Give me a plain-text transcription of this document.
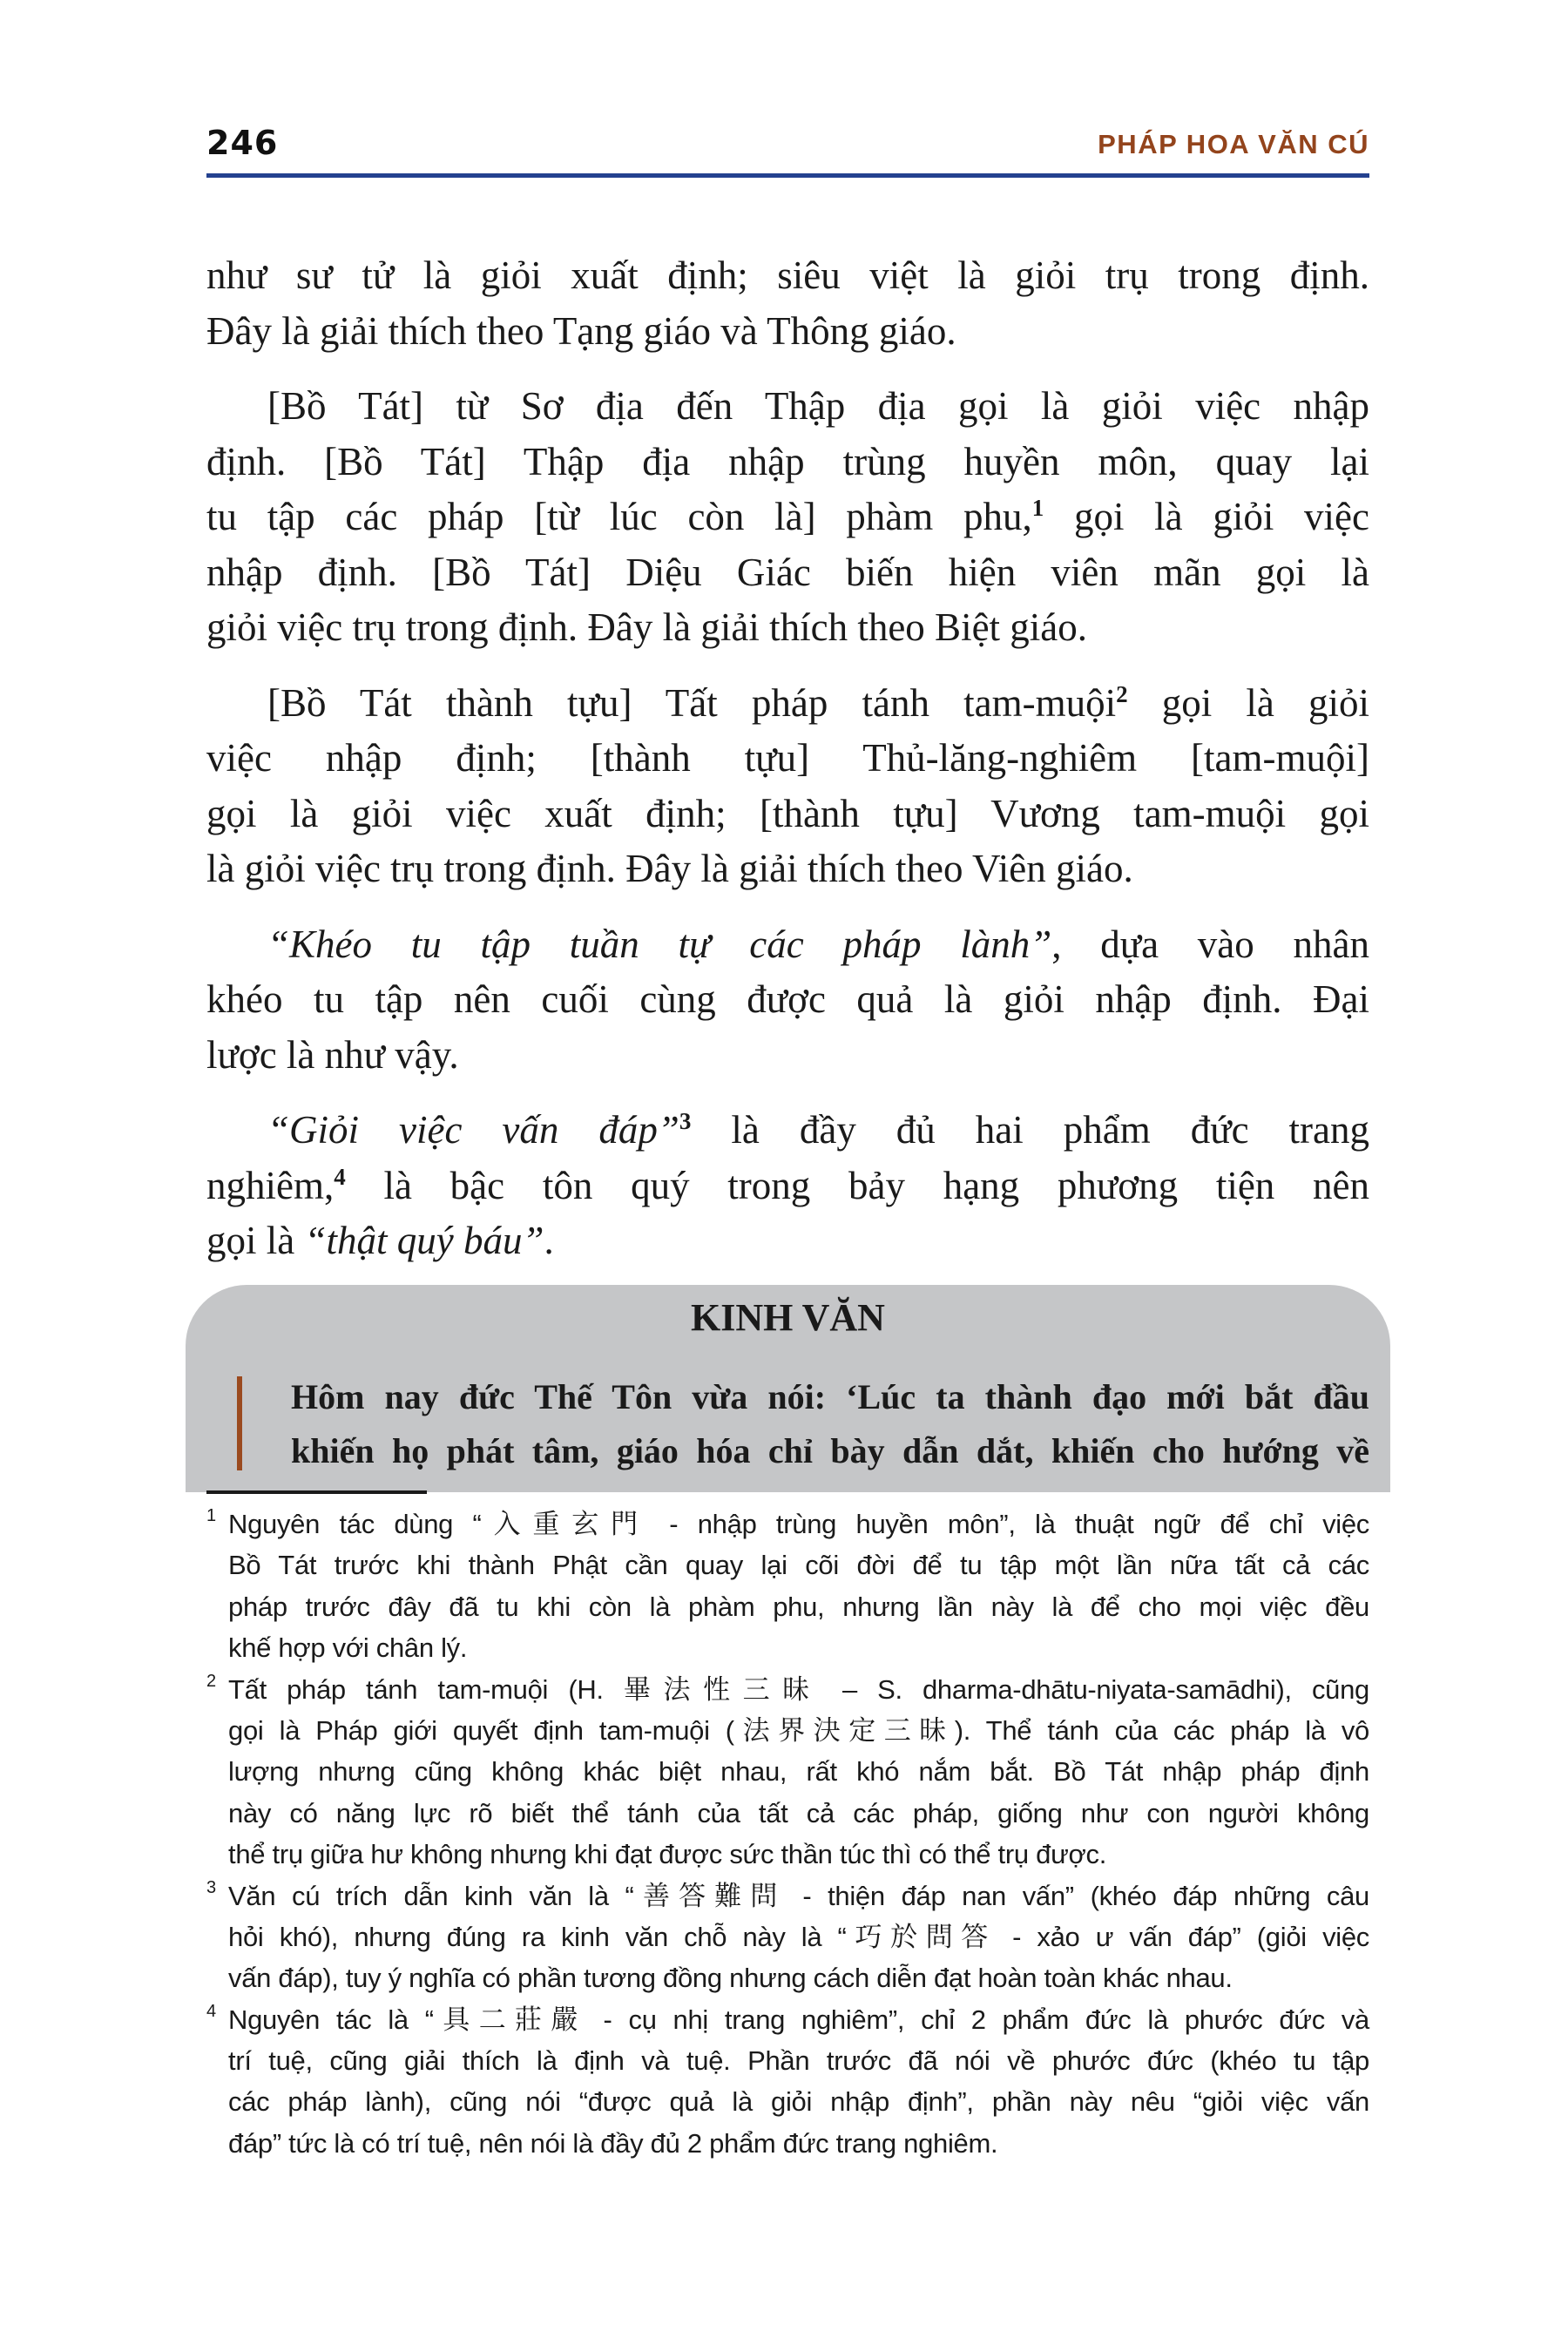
246	PHÁP HOA VĂN CÚ
như sư tử là giỏi xuất định; siêu việt là giỏi trụ trong định.
Đây là giải thích theo Tạng giáo và Thông giáo.
[Bồ Tát] từ Sơ địa đến Thập địa gọi là giỏi việc nhập
định. [Bồ Tát] Thập địa nhập trùng huyền môn, quay lại
tu tập các pháp [từ lúc còn là] phàm phu,$^1$ gọi là giỏi việc
nhập định. [Bồ Tát] Diệu Giác biến hiện viên mãn gọi là
giỏi việc trụ trong định. Đây là giải thích theo Biệt giáo.
[Bồ Tát thành tựu] Tất pháp tánh tam-muội$^2$ gọi là giỏi
việc nhập định; [thành tựu] Thủ-lăng-nghiêm [tam-muội]
gọi là giỏi việc xuất định; [thành tựu] Vương tam-muội gọi
là giỏi việc trụ trong định. Đây là giải thích theo Viên giáo.
“Khéo tu tập tuần tự các pháp lành”, dựa vào nhân
khéo tu tập nên cuối cùng được quả là giỏi nhập định. Đại
lược là như vậy.
“Giỏi việc vấn đáp”$^3$ là đầy đủ hai phẩm đức trang
nghiêm,$^4$ là bậc tôn quý trong bảy hạng phương tiện nên
gọi là “thật quý báu”.
KINH VĂN
Hôm nay đức Thế Tôn vừa nói: ‘Lúc ta thành đạo mới bắt đầu
khiến họ phát tâm, giáo hóa chỉ bày dẫn dắt, khiến cho hướng về
1 Nguyên tác dùng “入重玄門 - nhập trùng huyền môn”, là thuật ngữ để chỉ việc
Bồ Tát trước khi thành Phật cần quay lại cõi đời để tu tập một lần nữa tất cả các
pháp trước đây đã tu khi còn là phàm phu, nhưng lần này là để cho mọi việc đều
khế hợp với chân lý.
2 Tất pháp tánh tam-muội (H. 畢法性三昧 – S. dharma-dhātu-niyata-samādhi), cũng
gọi là Pháp giới quyết định tam-muội (法界決定三昧). Thể tánh của các pháp là vô
lượng nhưng cũng không khác biệt nhau, rất khó nắm bắt. Bồ Tát nhập pháp định
này có năng lực rõ biết thể tánh của tất cả các pháp, giống như con người không
thể trụ giữa hư không nhưng khi đạt được sức thần túc thì có thể trụ được.
3 Văn cú trích dẫn kinh văn là “善答難問 - thiện đáp nan vấn” (khéo đáp những câu
hỏi khó), nhưng đúng ra kinh văn chỗ này là “巧於問答 - xảo ư vấn đáp” (giỏi việc
vấn đáp), tuy ý nghĩa có phần tương đồng nhưng cách diễn đạt hoàn toàn khác nhau.
4 Nguyên tác là “具二莊嚴 - cụ nhị trang nghiêm”, chỉ 2 phẩm đức là phước đức và
trí tuệ, cũng giải thích là định và tuệ. Phần trước đã nói về phước đức (khéo tu tập
các pháp lành), cũng nói “được quả là giỏi nhập định”, phần này nêu “giỏi việc vấn
đáp” tức là có trí tuệ, nên nói là đầy đủ 2 phẩm đức trang nghiêm.
